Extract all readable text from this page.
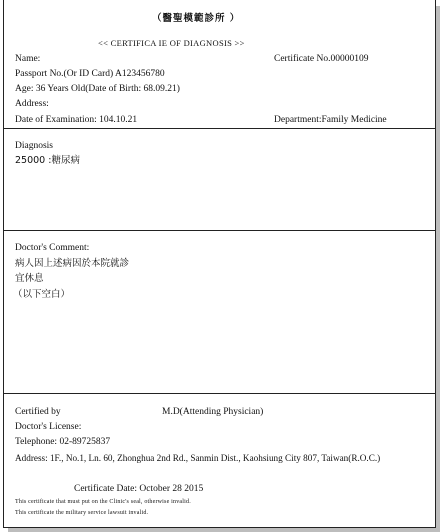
（醫聖模範診所 ）
<< CERTIFICA IE OF DIAGNOSIS >>
Name:	Certificate No.00000109
Passport No.(Or ID Card) A123456780
Age: 36 Years Old(Date of Birth: 68.09.21)
Address:
Date of Examination: 104.10.21	Department:Family Medicine
Diagnosis
25000 :糖尿病
Doctor's Comment:
病人因上述病因於本院就診
宜休息
（以下空白）
Certified by	M.D(Attending Physician)
Doctor's License:
Telephone: 02-89725837
Address: 1F., No.1, Ln. 60, Zhonghua 2nd Rd., Sanmin Dist., Kaohsiung City 807, Taiwan(R.O.C.)
Certificate Date: October 28 2015
This certificate that must put on the Clinic's seal, otherwise invalid.
This certificate the military service lawsuit invalid.
